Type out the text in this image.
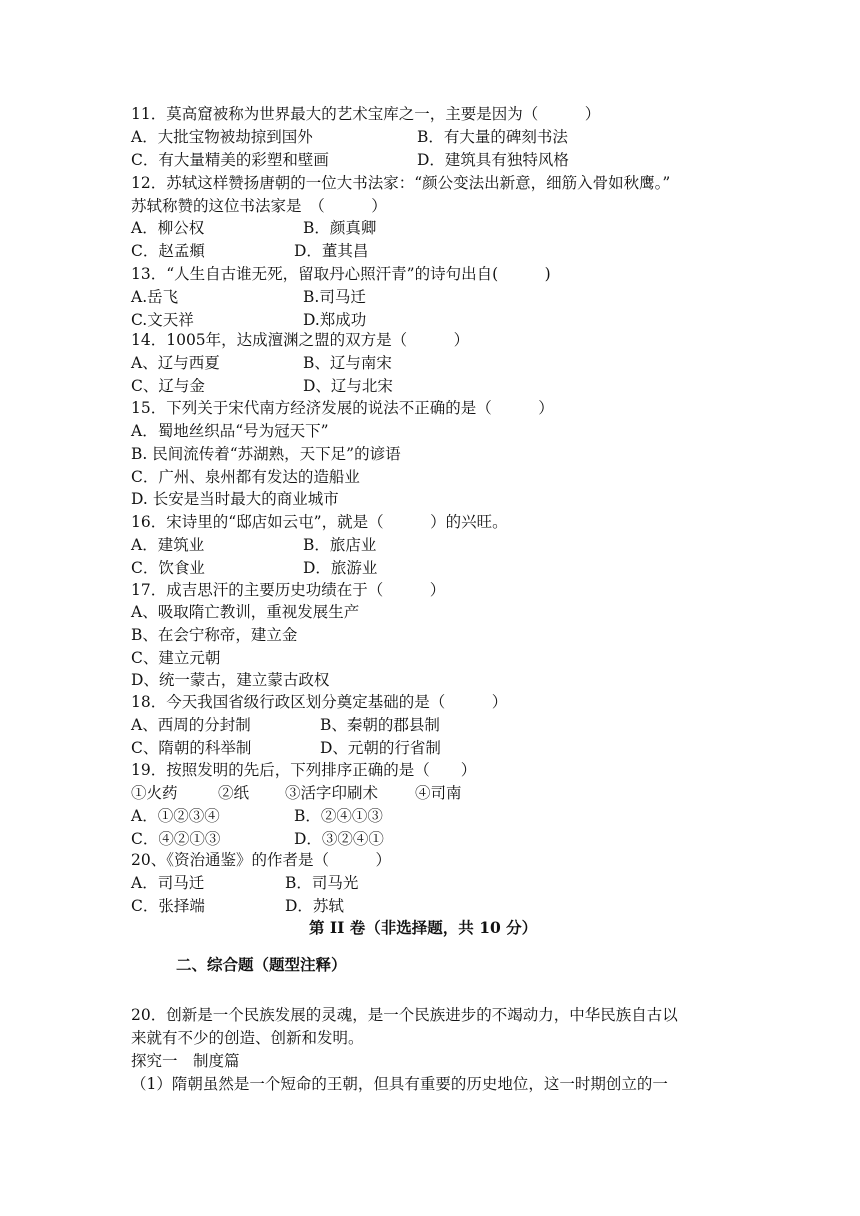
11．莫高窟被称为世界最大的艺术宝库之一，主要是因为（　　　）
A．大批宝物被劫掠到国外	B．有大量的碑刻书法
C．有大量精美的彩塑和壁画	D．建筑具有独特风格
12．苏轼这样赞扬唐朝的一位大书法家：“颜公变法出新意，细筋入骨如秋鹰。”
苏轼称赞的这位书法家是　（　　　）
A．柳公权	B．颜真卿
C．赵孟頫	D．董其昌
13．“人生自古谁无死，留取丹心照汗青”的诗句出自(　　　)
A.岳飞	B.司马迁
C.文天祥	D.郑成功
14．1005年，达成澶渊之盟的双方是（　　　）
A、辽与西夏	B、辽与南宋
C、辽与金	D、辽与北宋
15．下列关于宋代南方经济发展的说法不正确的是（　　　）
A．蜀地丝织品“号为冠天下”
B. 民间流传着“苏湖熟，天下足”的谚语
C．广州、泉州都有发达的造船业
D. 长安是当时最大的商业城市
16．宋诗里的“邸店如云屯”，就是（　　　）的兴旺。
A．建筑业	B．旅店业
C．饮食业	D．旅游业
17．成吉思汗的主要历史功绩在于（　　　）
A、吸取隋亡教训，重视发展生产
B、在会宁称帝，建立金
C、建立元朝
D、统一蒙古，建立蒙古政权
18．今天我国省级行政区划分奠定基础的是（　　　）
A、西周的分封制	B、秦朝的郡县制
C、隋朝的科举制	D、元朝的行省制
19．按照发明的先后，下列排序正确的是（　　）
①火药	②纸 ③活字印刷术 ④司南
A．①②③④	B．②④①③
C．④②①③	D．③②④①
20、《资治通鉴》的作者是（　　　）
A．司马迁	B．司马光
C．张择端	D．苏轼
第 II 卷（非选择题，共 10 分）
二、综合题（题型注释）
20．创新是一个民族发展的灵魂，是一个民族进步的不竭动力，中华民族自古以
来就有不少的创造、创新和发明。
探究一　制度篇
（1）隋朝虽然是一个短命的王朝，但具有重要的历史地位，这一时期创立的一
